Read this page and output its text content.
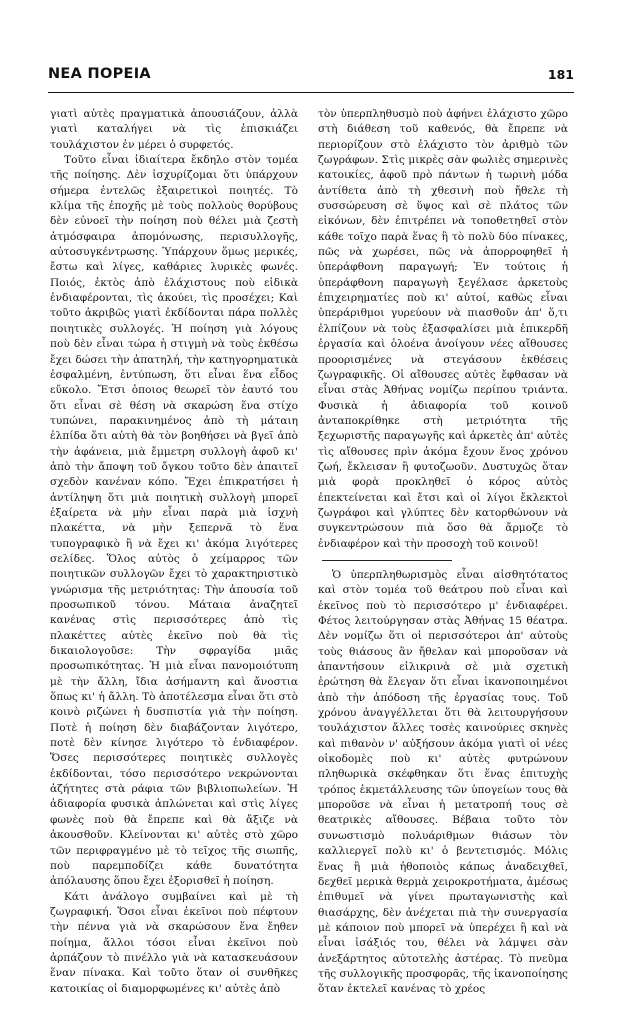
ΝΕΑ ΠΟΡΕΙΑ	181

γιατὶ αὐτὲς πραγματικὰ ἀπουσιάζουν, ἀλλὰ γιατὶ καταλήγει νὰ τὶς ἐπισκιάζει τουλάχιστον ἐν μέρει ὁ συρφετός.

Τοῦτο εἶναι ἰδιαίτερα ἔκδηλο στὸν τομέα τῆς ποίησης. Δὲν ἰσχυρίζομαι ὅτι ὑπάρχουν σήμερα ἐντελῶς ἐξαιρετικοὶ ποιητές. Τὸ κλίμα τῆς ἐποχῆς μὲ τοὺς πολλοὺς θορύβους δὲν εὐνοεῖ τὴν ποίηση ποὺ θέλει μιὰ ζεστὴ ἀτμόσφαιρα ἀπομόνωσης, περισυλλογῆς, αὐτοσυγκέντρωσης. Ὑπάρχουν ὅμως μερικές, ἔστω καὶ λίγες, καθάριες λυρικὲς φωνές. Ποιός, ἐκτὸς ἀπὸ ἐλάχιστους ποὺ εἰδικὰ ἐνδιαφέρονται, τὶς ἀκούει, τὶς προσέχει; Καὶ τοῦτο ἀκριβῶς γιατὶ ἐκδίδονται πάρα πολλὲς ποιητικὲς συλλογές. Ἡ ποίηση γιὰ λόγους ποὺ δὲν εἶναι τώρα ἡ στιγμὴ νὰ τοὺς ἐκθέσω ἔχει δώσει τὴν ἀπατηλή, τὴν κατηγορηματικὰ ἐσφαλμένη, ἐντύπωση, ὅτι εἶναι ἕνα εἶδος εὔκολο. Ἔτσι ὁποιος θεωρεῖ τὸν ἑαυτό του ὅτι εἶναι σὲ θέση νὰ σκαρώση ἕνα στίχο τυπώνει, παρακινημένος ἀπὸ τὴ μάταιη ἐλπίδα ὅτι αὐτὴ θὰ τὸν βοηθήσει νὰ βγεῖ ἀπὸ τὴν ἀφάνεια, μιὰ ἔμμετρη συλλογὴ ἀφοῦ κι' ἀπὸ τὴν ἄποψη τοῦ ὄγκου τοῦτο δὲν ἀπαιτεῖ σχεδὸν κανέναν κόπο. Ἔχει ἐπικρατήσει ἡ ἀντίληψη ὅτι μιὰ ποιητικὴ συλλογὴ μπορεῖ ἐξαίρετα νὰ μὴν εἶναι παρὰ μιὰ ἰσχνὴ πλακέττα, νὰ μὴν ξεπερνᾶ τὸ ἕνα τυπογραφικὸ ἢ νὰ ἔχει κι' ἀκόμα λιγότερες σελίδες. Ὅλος αὐτὸς ὁ χείμαρρος τῶν ποιητικῶν συλλογῶν ἔχει τὸ χαρακτηριστικὸ γνώρισμα τῆς μετριότητας: Τὴν ἀπουσία τοῦ προσωπικοῦ τόνου. Μάταια ἀναζητεῖ κανένας στὶς περισσότερες ἀπὸ τὶς πλακέττες αὐτὲς ἐκεῖνο ποὺ θὰ τὶς δικαιολογοῦσε: Τὴν σφραγίδα μιᾶς προσωπικότητας. Ἡ μιὰ εἶναι πανομοιότυπη μὲ τὴν ἄλλη, ἴδια ἀσήμαντη καὶ ἄνοστια ὅπως κι' ἡ ἄλλη. Τὸ ἀποτέλεσμα εἶναι ὅτι στὸ κοινὸ ριζώνει ἡ δυσπιστία γιὰ τὴν ποίηση. Ποτὲ ἡ ποίηση δὲν διαβάζονταν λιγότερο, ποτὲ δὲν κίνησε λιγότερο τὸ ἐνδιαφέρον. Ὅσες περισσότερες ποιητικὲς συλλογὲς ἐκδίδονται, τόσο περισσότερο νεκρώνονται ἀζήτητες στὰ ράφια τῶν βιβλιοπωλείων. Ἡ ἀδιαφορία φυσικὰ ἁπλώνεται καὶ στὶς λίγες φωνὲς ποὺ θὰ ἔπρεπε καὶ θὰ ἄξιζε νὰ ἀκουσθοῦν. Κλείνονται κι' αὐτὲς στὸ χῶρο τῶν περιφραγμένο μὲ τὸ τεῖχος τῆς σιωπῆς, ποὺ παρεμποδίζει κάθε δυνατότητα ἀπόλαυσης ὅπου ἔχει ἐξορισθεῖ ἡ ποίηση.

Κάτι ἀνάλογο συμβαίνει καὶ μὲ τὴ ζωγραφική. Ὅσοι εἶναι ἐκεῖνοι ποὺ πέφτουν τὴν πέννα γιὰ νὰ σκαρώσουν ἕνα ἔηθεν ποίημα, ἄλλοι τόσοι εἶναι ἐκεῖνοι ποὺ ἀρπάζουν τὸ πινέλλο γιὰ νὰ κατασκευάσουν ἕναν πίνακα. Καὶ τοῦτο ὅταν οἱ συνθῆκες κατοικίας οἱ διαμορφωμένες κι' αὐτὲς ἀπὸ

τὸν ὑπερπληθυσμὸ ποὺ ἀφήνει ἐλάχιστο χῶρο στὴ διάθεση τοῦ καθενός, θὰ ἔπρεπε νὰ περιορίζουν στὸ ἐλάχιστο τὸν ἀριθμὸ τῶν ζωγράφων. Στὶς μικρὲς σὰν φωλιὲς σημερινὲς κατοικίες, ἀφοῦ πρὸ πάντων ἡ τωρινὴ μόδα ἀντίθετα ἀπὸ τὴ χθεσινὴ ποὺ ἤθελε τὴ συσσώρευση σὲ ὕψος καὶ σὲ πλάτος τῶν εἰκόνων, δὲν ἐπιτρέπει νὰ τοποθετηθεῖ στὸν κάθε τοῖχο παρὰ ἕνας ἢ τὸ πολὺ δύο πίνακες, πῶς νὰ χωρέσει, πῶς νὰ ἀπορροφηθεῖ ἡ ὑπεράφθονη παραγωγή; Ἐν τούτοις ἡ ὑπεράφθονη παραγωγὴ ξεγέλασε ἀρκετοὺς ἐπιχειρηματίες ποὺ κι' αὐτοί, καθὼς εἶναι ὑπεράριθμοι γυρεύουν νὰ πιασθοῦν ἀπ' ὅ,τι ἐλπίζουν νὰ τοὺς ἐξασφαλίσει μιὰ ἐπικερδῆ ἐργασία καὶ ὁλοένα ἀνοίγουν νέες αἴθουσες προορισμένες νὰ στεγάσουν ἐκθέσεις ζωγραφικῆς. Οἱ αἴθουσες αὐτὲς ἔφθασαν νὰ εἶναι στὰς Ἀθήνας νομίζω περίπου τριάντα. Φυσικὰ ἡ ἀδιαφορία τοῦ κοινοῦ ἀνταποκρίθηκε στὴ μετριότητα τῆς ξεχωριστῆς παραγωγῆς καὶ ἀρκετὲς ἀπ' αὐτὲς τὶς αἴθουσες πρὶν ἀκόμα ἔχουν ἕνος χρόνου ζωή, ἔκλεισαν ἢ φυτοζωοῦν. Δυστυχῶς ὅταν μιὰ φορὰ προκληθεῖ ὁ κόρος αὐτὸς ἐπεκτείνεται καὶ ἔτσι καὶ οἱ λίγοι ἔκλεκτοὶ ζωγράφοι καὶ γλύπτες δὲν κατορθώνουν νὰ συγκεντρώσουν πιὰ ὅσο θὰ ἄρμοζε τὸ ἐνδιαφέρον καὶ τὴν προσοχὴ τοῦ κοινοῦ!

Ὁ ὑπερπληθωρισμὸς εἶναι αἰσθητότατος καὶ στὸν τομέα τοῦ θεάτρου ποὺ εἶναι καὶ ἐκεῖνος ποὺ τὸ περισσότερο μ' ἐνδιαφέρει. Φέτος λειτούργησαν στὰς Ἀθήνας 15 θέατρα. Δὲν νομίζω ὅτι οἱ περισσότεροι ἀπ' αὐτοὺς τοὺς θιάσους ἂν ἤθελαν καὶ μποροῦσαν νὰ ἀπαντήσουν εἰλικρινὰ σὲ μιὰ σχετικὴ ἐρώτηση θὰ ἔλεγαν ὅτι εἶναι ἱκανοποιημένοι ἀπὸ τὴν ἀπόδοση τῆς ἐργασίας τους. Τοῦ χρόνου ἀναγγέλλεται ὅτι θὰ λειτουργήσουν τουλάχιστον ἄλλες τοσὲς καινούριες σκηνὲς καὶ πιθανὸν ν' αὐξήσουν ἀκόμα γιατὶ οἱ νέες οἰκοδομὲς ποὺ κι' αὐτὲς φυτρώνουν πληθωρικὰ σκέφθηκαν ὅτι ἕνας ἐπιτυχὴς τρόπος ἐκμετάλλευσης τῶν ὑπογείων τους θὰ μποροῦσε νὰ εἶναι ἡ μετατροπή τους σὲ θεατρικὲς αἴθουσες. Βέβαια τοῦτο τὸν συνωστισμὸ πολυάριθμων θιάσων τὸν καλλιεργεῖ πολὺ κι' ὁ βεντετισμός. Μόλις ἕνας ἢ μιὰ ἠθοποιὸς κάπως ἀναδειχθεῖ, δεχθεῖ μερικὰ θερμὰ χειροκροτήματα, ἀμέσως ἐπιθυμεῖ νὰ γίνει πρωταγωνιστὴς καὶ θιασάρχης, δὲν ἀνέχεται πιὰ τὴν συνεργασία μὲ κάποιον ποὺ μπορεῖ νὰ ὑπερέχει ἢ καὶ νὰ εἶναι ἰσάξιός του, θέλει νὰ λάμψει σὰν ἀνεξάρτητος αὐτοτελὴς ἀστέρας. Τὸ πνεῦμα τῆς συλλογικῆς προσφορᾶς, τῆς ἱκανοποίησης ὅταν ἐκτελεῖ κανένας τὸ χρέος
